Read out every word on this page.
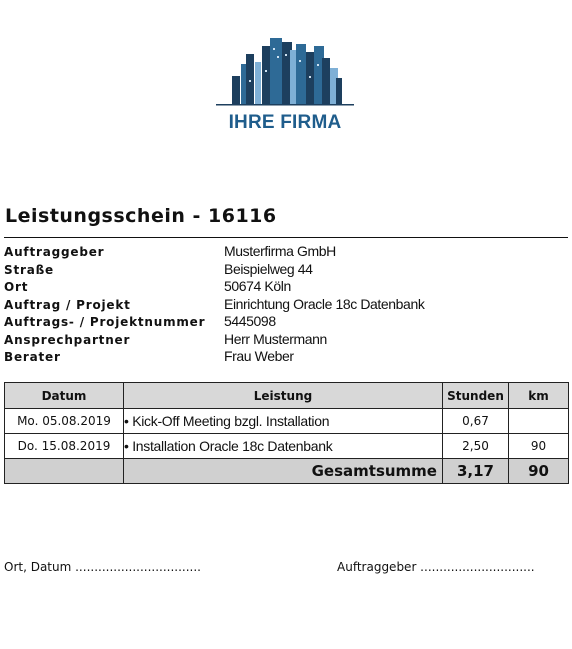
IHRE FIRMA
Leistungsschein - 16116
Auftraggeber	Musterfirma GmbH
Straße	Beispielweg 44
Ort	50674 Köln
Auftrag / Projekt	Einrichtung Oracle 18c Datenbank
Auftrags- / Projektnummer 5445098
Ansprechpartner	Herr Mustermann
Berater	Frau Weber
Datum	Leistung	Stunden	km
Mo. 05.08.2019	• Kick-Off Meeting bzgl. Installation	0,67	
Do. 15.08.2019	• Installation Oracle 18c Datenbank	2,50	90
	Gesamtsumme	3,17	90
Ort, Datum .................................	Auftraggeber ..............................
